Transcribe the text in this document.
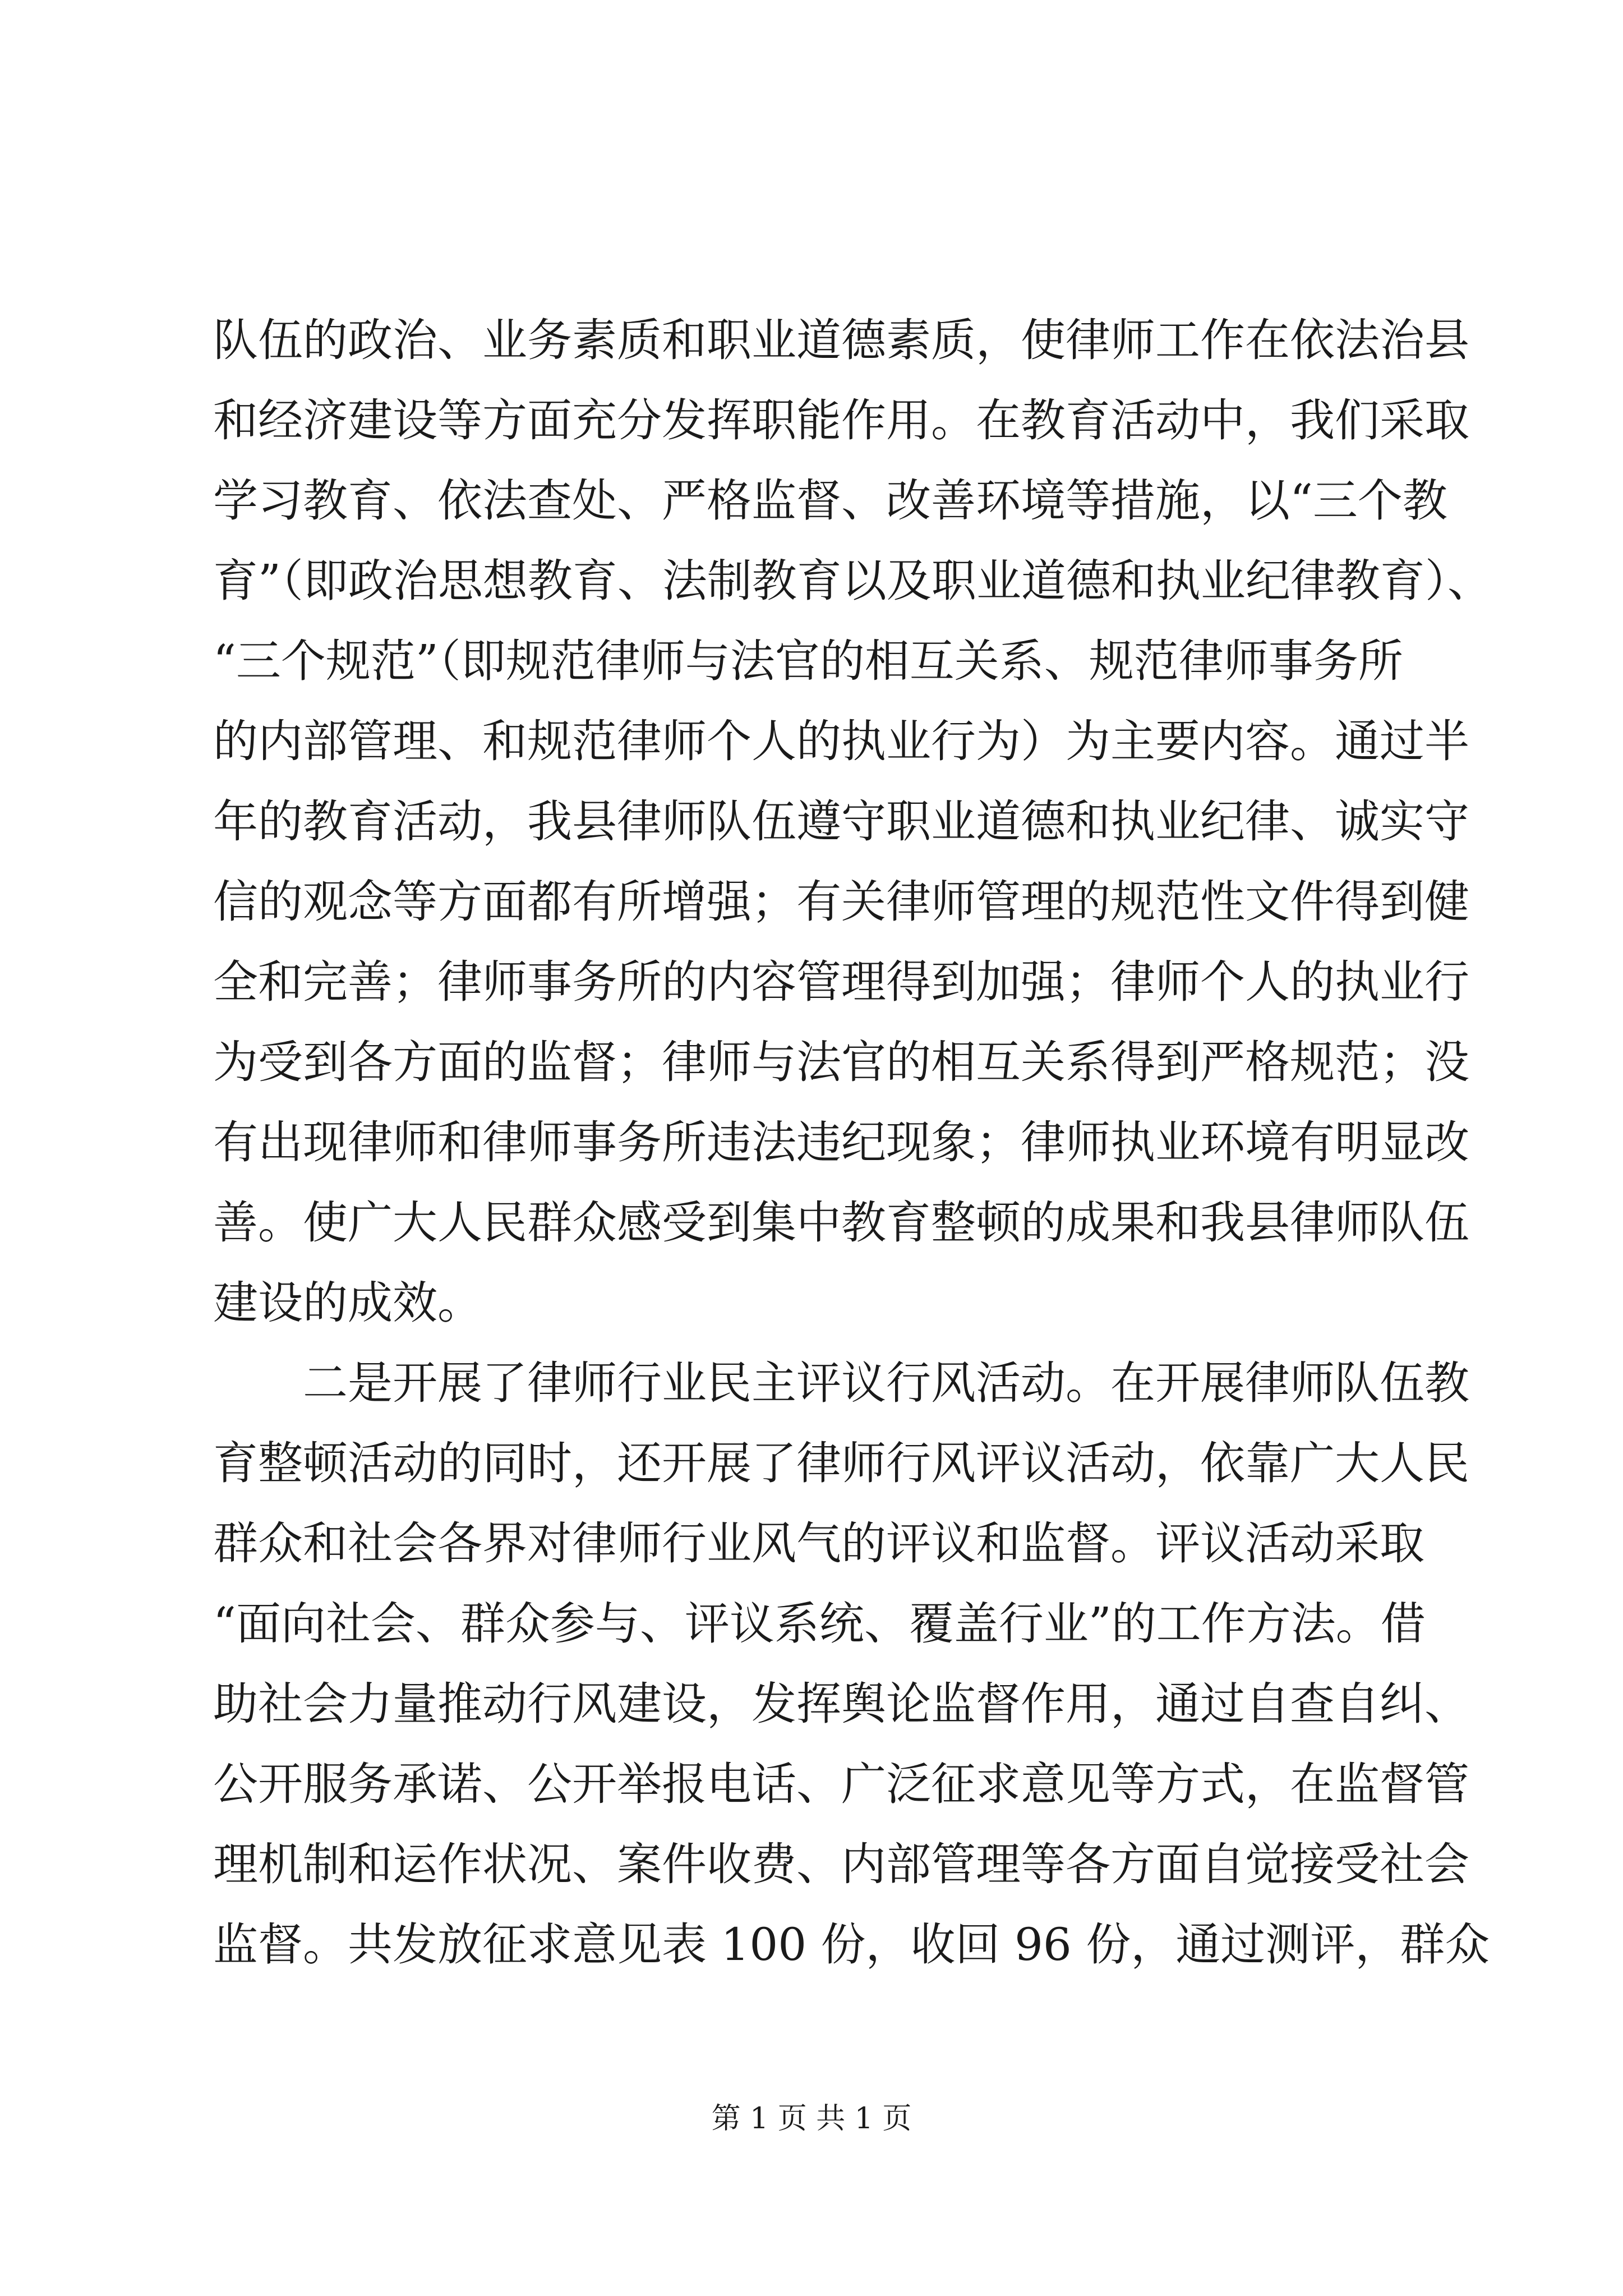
队伍的政治、业务素质和职业道德素质，使律师工作在依法治县
和经济建设等方面充分发挥职能作用。在教育活动中，我们采取
学习教育、依法查处、严格监督、改善环境等措施，以“三个教
育”（即政治思想教育、法制教育以及职业道德和执业纪律教育）、
“三个规范”（即规范律师与法官的相互关系、规范律师事务所
的内部管理、和规范律师个人的执业行为）为主要内容。通过半
年的教育活动，我县律师队伍遵守职业道德和执业纪律、诚实守
信的观念等方面都有所增强；有关律师管理的规范性文件得到健
全和完善；律师事务所的内容管理得到加强；律师个人的执业行
为受到各方面的监督；律师与法官的相互关系得到严格规范；没
有出现律师和律师事务所违法违纪现象；律师执业环境有明显改
善。使广大人民群众感受到集中教育整顿的成果和我县律师队伍
建设的成效。
二是开展了律师行业民主评议行风活动。在开展律师队伍教
育整顿活动的同时，还开展了律师行风评议活动，依靠广大人民
群众和社会各界对律师行业风气的评议和监督。评议活动采取
“面向社会、群众参与、评议系统、覆盖行业”的工作方法。借
助社会力量推动行风建设，发挥舆论监督作用，通过自查自纠、
公开服务承诺、公开举报电话、广泛征求意见等方式，在监督管
理机制和运作状况、案件收费、内部管理等各方面自觉接受社会
监督。共发放征求意见表 100 份，收回 96 份，通过测评，群众
第 1 页 共 1 页
